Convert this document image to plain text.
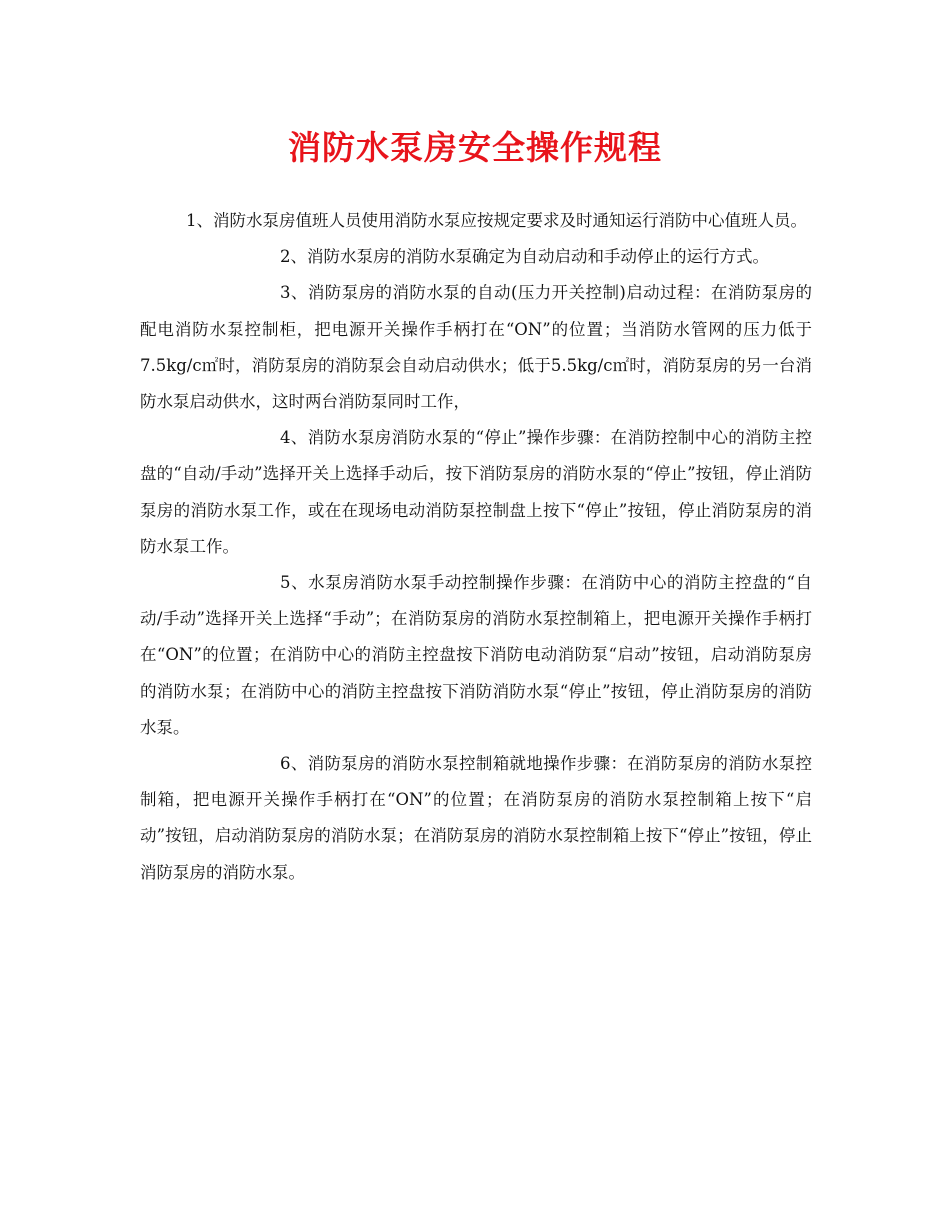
消防水泵房安全操作规程

1、消防水泵房值班人员使用消防水泵应按规定要求及时通知运行消防中心值班人员。

2、消防水泵房的消防水泵确定为自动启动和手动停止的运行方式。

3、消防泵房的消防水泵的自动(压力开关控制)启动过程：在消防泵房的配电消防水泵控制柜，把电源开关操作手柄打在“ON”的位置；当消防水管网的压力低于7.5kg/c㎡时，消防泵房的消防泵会自动启动供水；低于5.5kg/c㎡时，消防泵房的另一台消防水泵启动供水，这时两台消防泵同时工作，

4、消防水泵房消防水泵的“停止”操作步骤：在消防控制中心的消防主控盘的“自动/手动”选择开关上选择手动后，按下消防泵房的消防水泵的“停止”按钮，停止消防泵房的消防水泵工作，或在在现场电动消防泵控制盘上按下“停止”按钮，停止消防泵房的消防水泵工作。

5、水泵房消防水泵手动控制操作步骤：在消防中心的消防主控盘的“自动/手动”选择开关上选择“手动”；在消防泵房的消防水泵控制箱上，把电源开关操作手柄打在“ON”的位置；在消防中心的消防主控盘按下消防电动消防泵“启动”按钮，启动消防泵房的消防水泵；在消防中心的消防主控盘按下消防消防水泵“停止”按钮，停止消防泵房的消防水泵。

6、消防泵房的消防水泵控制箱就地操作步骤：在消防泵房的消防水泵控制箱，把电源开关操作手柄打在“ON”的位置；在消防泵房的消防水泵控制箱上按下“启动”按钮，启动消防泵房的消防水泵；在消防泵房的消防水泵控制箱上按下“停止”按钮，停止消防泵房的消防水泵。
